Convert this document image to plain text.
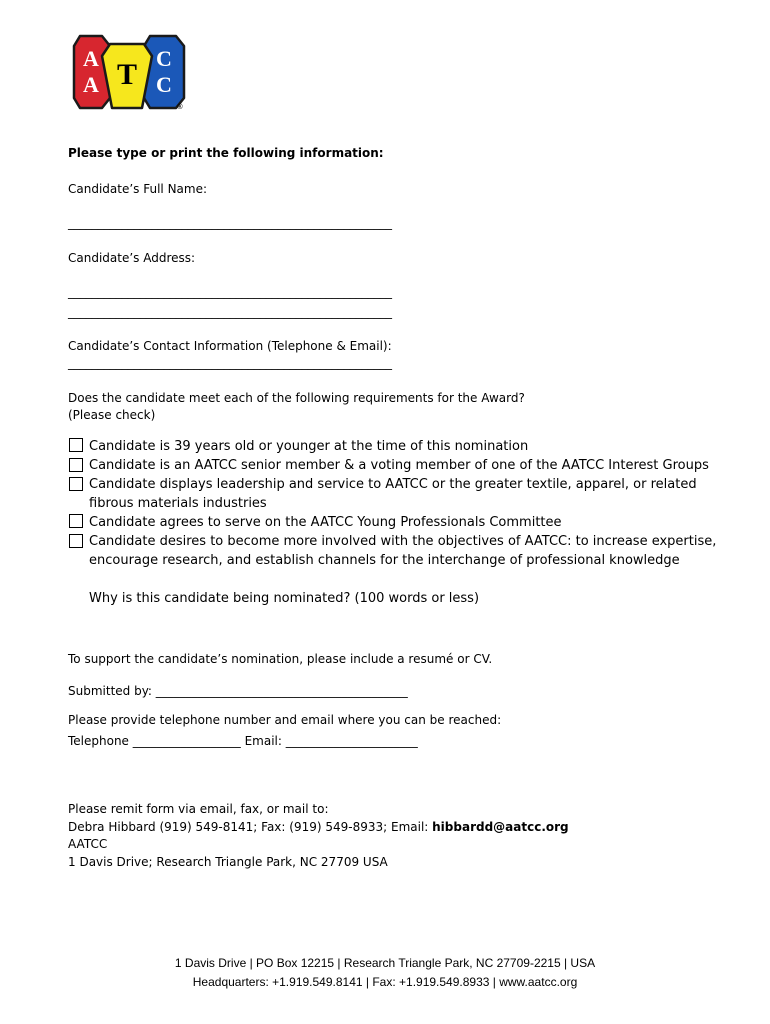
A
A T C
C
®
Please type or print the following information:
Candidate’s Full Name:
______________________________________________________
Candidate’s Address:
______________________________________________________
______________________________________________________
Candidate’s Contact Information (Telephone & Email):
______________________________________________________
Does the candidate meet each of the following requirements for the Award?
(Please check)
Candidate is 39 years old or younger at the time of this nomination
Candidate is an AATCC senior member & a voting member of one of the AATCC Interest Groups
Candidate displays leadership and service to AATCC or the greater textile, apparel, or related
fibrous materials industries
Candidate agrees to serve on the AATCC Young Professionals Committee
Candidate desires to become more involved with the objectives of AATCC: to increase expertise,
encourage research, and establish channels for the interchange of professional knowledge
Why is this candidate being nominated? (100 words or less)
To support the candidate’s nomination, please include a resumé or CV.
Submitted by: __________________________________________
Please provide telephone number and email where you can be reached:
Telephone __________________ Email: ______________________
Please remit form via email, fax, or mail to:
Debra Hibbard (919) 549-8141; Fax: (919) 549-8933; Email: hibbardd@aatcc.org
AATCC
1 Davis Drive; Research Triangle Park, NC 27709 USA
1 Davis Drive | PO Box 12215 | Research Triangle Park, NC 27709-2215 | USA
Headquarters: +1.919.549.8141 | Fax: +1.919.549.8933 | www.aatcc.org
